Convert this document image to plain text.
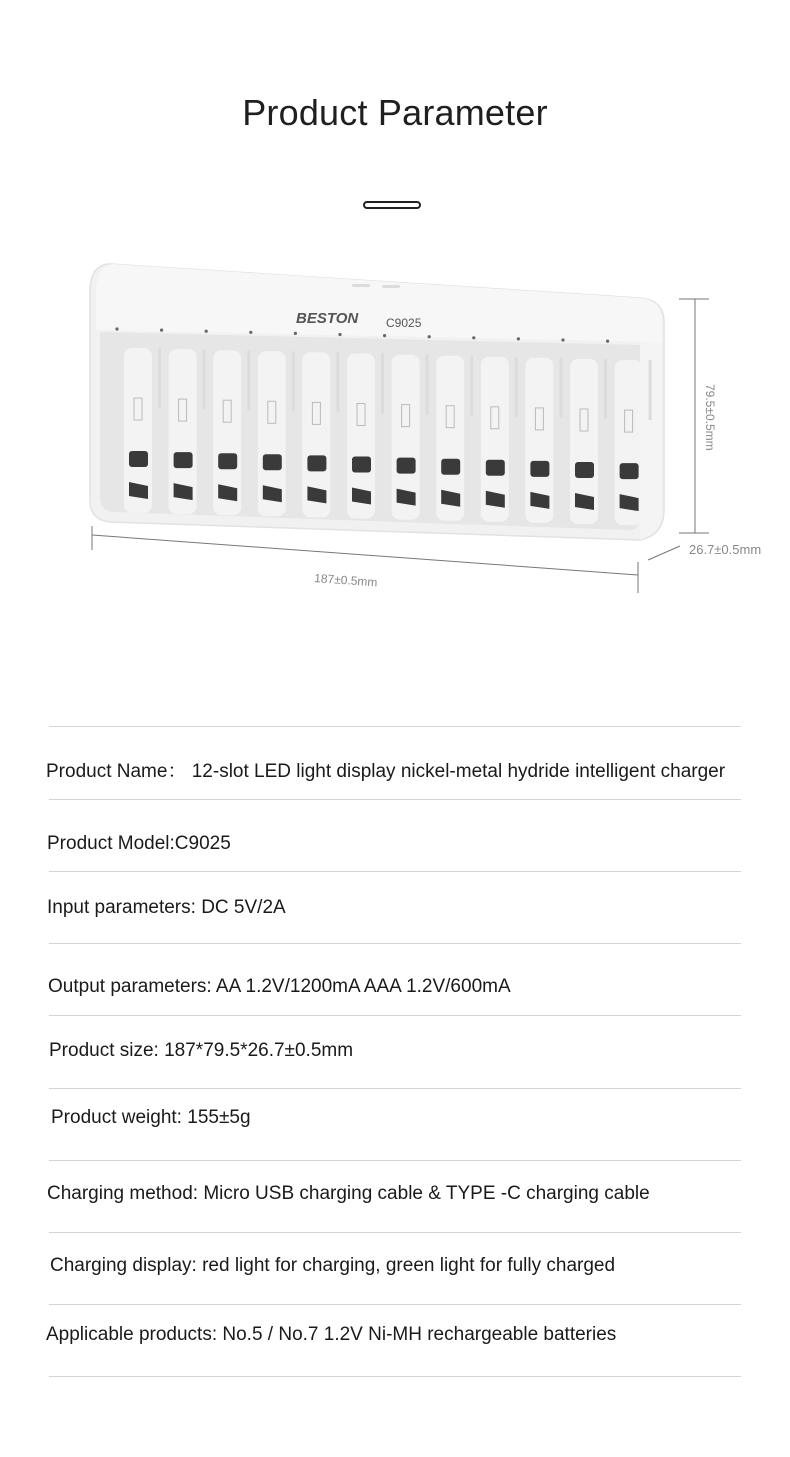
Product Parameter
BESTON C9025
187±0.5mm
79.5±0.5mm
26.7±0.5mm
Product Name： 12-slot LED light display nickel-metal hydride intelligent charger
Product Model:C9025
Input parameters: DC 5V/2A
Output parameters: AA 1.2V/1200mA AAA 1.2V/600mA
Product size: 187*79.5*26.7±0.5mm
Product weight: 155±5g
Charging method: Micro USB charging cable & TYPE -C charging cable
Charging display: red light for charging, green light for fully charged
Applicable products: No.5 / No.7 1.2V Ni-MH rechargeable batteries
